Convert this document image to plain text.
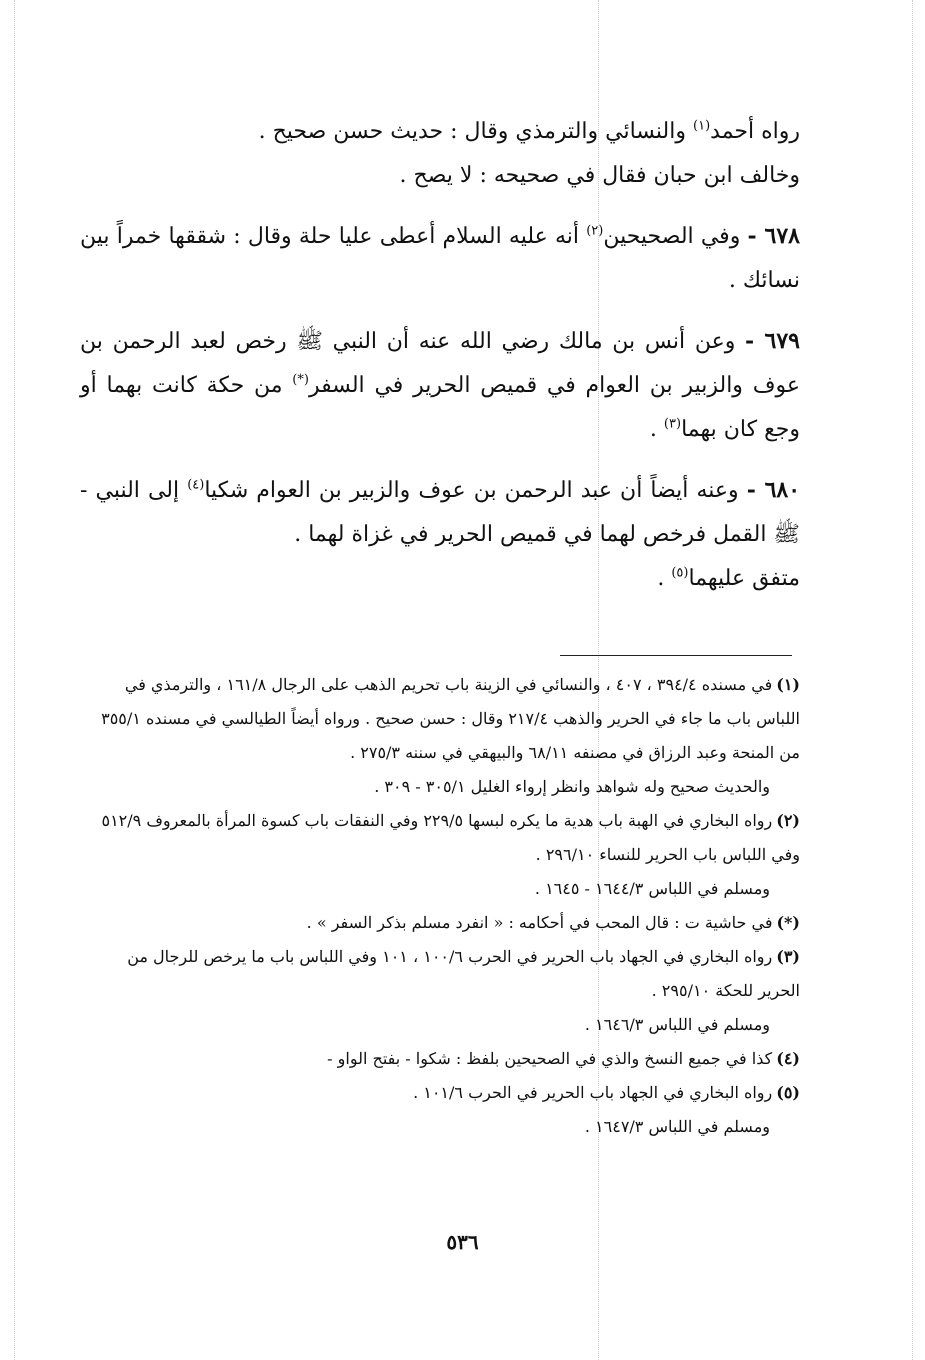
رواه أحمد$^{(١)}$ والنسائي والترمذي وقال : حديث حسن صحيح .

وخالف ابن حبان فقال في صحيحه : لا يصح .

٦٧٨ - وفي الصحيحين$^{(٢)}$ أنه عليه السلام أعطى عليا حلة وقال : شققها خمراً بين نسائك .

٦٧٩ - وعن أنس بن مالك رضي الله عنه أن النبي ﷺ رخص لعبد الرحمن بن عوف والزبير بن العوام في قميص الحرير في السفر(*) من حكة كانت بهما أو وجع كان بهما$^{(٣)}$ .

٦٨٠ - وعنه أيضاً أن عبد الرحمن بن عوف والزبير بن العوام شكيا$^{(٤)}$ إلى النبي - ﷺ القمل فرخص لهما في قميص الحرير في غزاة لهما .

متفق عليهما$^{(٥)}$ .

(١)في مسنده ٣٩٤/٤ ، ٤٠٧ ، والنسائي في الزينة باب تحريم الذهب على الرجال ١٦١/٨ ، والترمذي في اللباس باب ما جاء في الحرير والذهب ٢١٧/٤ وقال : حسن صحيح . ورواه أيضاً الطيالسي في مسنده ٣٥٥/١ من المنحة وعبد الرزاق في مصنفه ٦٨/١١ والبيهقي في سننه ٢٧٥/٣ .
والحديث صحيح وله شواهد وانظر إرواء الغليل ٣٠٥/١ - ٣٠٩ .

(٢)رواه البخاري في الهبة باب هدية ما يكره لبسها ٢٢٩/٥ وفي النفقات باب كسوة المرأة بالمعروف ٥١٢/٩ وفي اللباس باب الحرير للنساء ٢٩٦/١٠ .
ومسلم في اللباس ١٦٤٤/٣ - ١٦٤٥ .

(*)في حاشية ت : قال المحب في أحكامه : « انفرد مسلم بذكر السفر » .

(٣)رواه البخاري في الجهاد باب الحرير في الحرب ١٠٠/٦ ، ١٠١ وفي اللباس باب ما يرخص للرجال من الحرير للحكة ٢٩٥/١٠ .
ومسلم في اللباس ١٦٤٦/٣ .

(٤)كذا في جميع النسخ والذي في الصحيحين بلفظ : شكوا - بفتح الواو -

(٥)رواه البخاري في الجهاد باب الحرير في الحرب ١٠١/٦ .
ومسلم في اللباس ١٦٤٧/٣ .

٥٣٦
